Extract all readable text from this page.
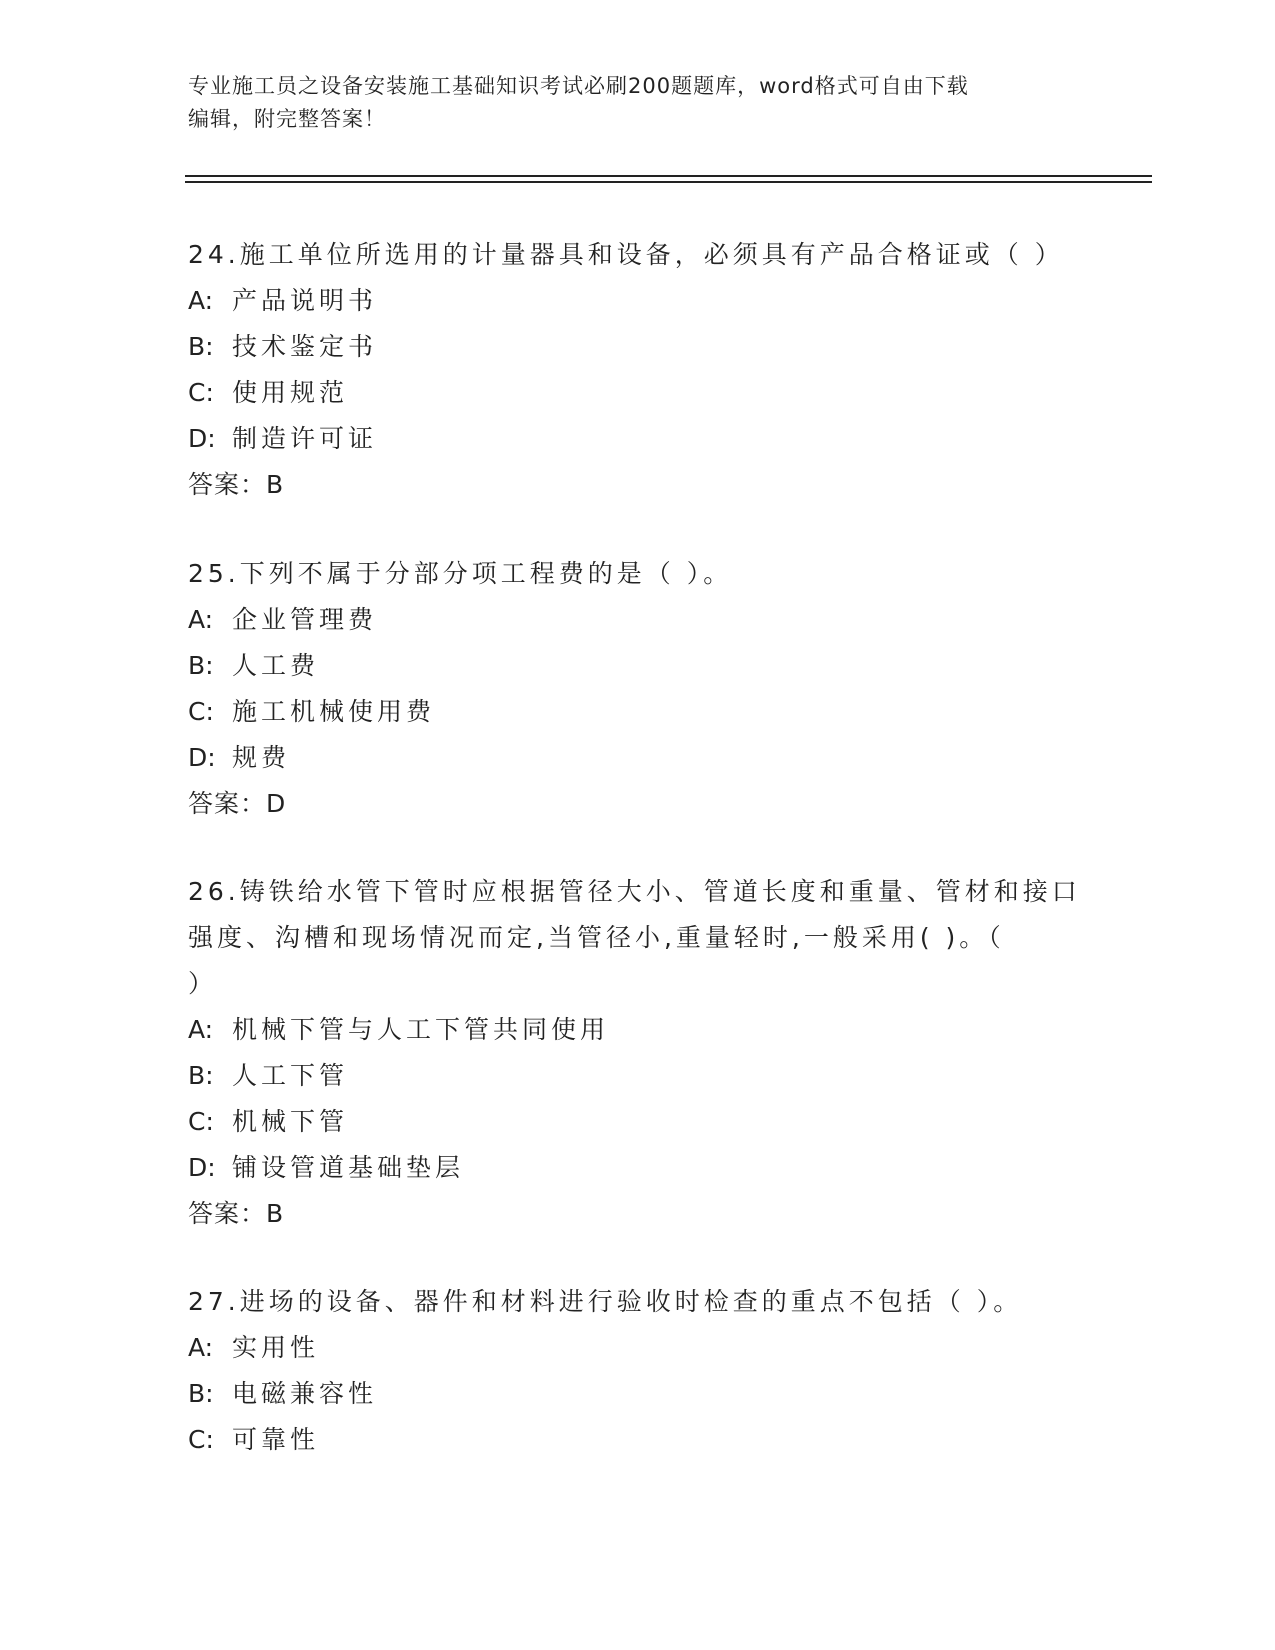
专业施工员之设备安装施工基础知识考试必刷200题题库，word格式可自由下载
编辑，附完整答案！
24.施工单位所选用的计量器具和设备，必须具有产品合格证或（ ）
A: 产品说明书
B: 技术鉴定书
C: 使用规范
D: 制造许可证
答案：B
25.下列不属于分部分项工程费的是（ ）。
A: 企业管理费
B: 人工费
C: 施工机械使用费
D: 规费
答案：D
26.铸铁给水管下管时应根据管径大小、管道长度和重量、管材和接口
强度、沟槽和现场情况而定,当管径小,重量轻时,一般采用( )。（
）
A: 机械下管与人工下管共同使用
B: 人工下管
C: 机械下管
D: 铺设管道基础垫层
答案：B
27.进场的设备、器件和材料进行验收时检查的重点不包括（ ）。
A: 实用性
B: 电磁兼容性
C: 可靠性
